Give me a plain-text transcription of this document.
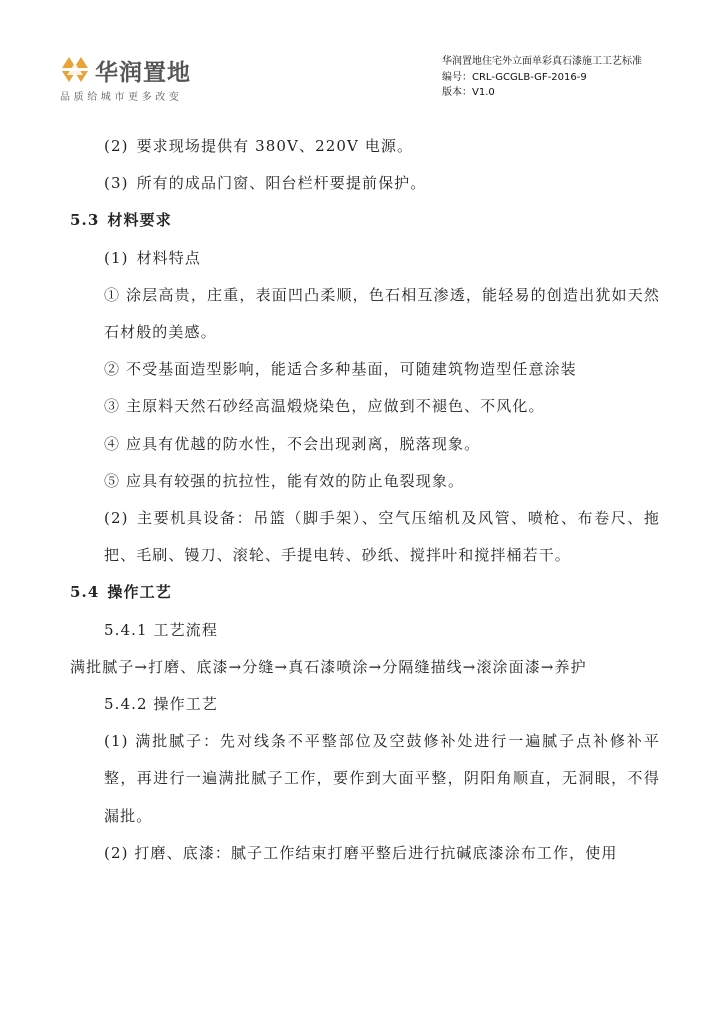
华润置地
品质给城市更多改变
华润置地住宅外立面单彩真石漆施工工艺标准
编号：CRL-GCGLB-GF-2016-9
版本：V1.0

(2) 要求现场提供有 380V、220V 电源。

(3) 所有的成品门窗、阳台栏杆要提前保护。

5.3 材料要求

(1) 材料特点

① 涂层高贵，庄重，表面凹凸柔顺，色石相互渗透，能轻易的创造出犹如天然石材般的美感。

② 不受基面造型影响，能适合多种基面，可随建筑物造型任意涂装

③ 主原料天然石砂经高温煅烧染色，应做到不褪色、不风化。

④ 应具有优越的防水性，不会出现剥离，脱落现象。

⑤ 应具有较强的抗拉性，能有效的防止龟裂现象。

(2) 主要机具设备：吊篮（脚手架）、空气压缩机及风管、喷枪、布卷尺、拖把、毛刷、镘刀、滚轮、手提电转、砂纸、搅拌叶和搅拌桶若干。

5.4 操作工艺

5.4.1 工艺流程

满批腻子→打磨、底漆→分缝→真石漆喷涂→分隔缝描线→滚涂面漆→养护

5.4.2 操作工艺

(1) 满批腻子：先对线条不平整部位及空鼓修补处进行一遍腻子点补修补平整，再进行一遍满批腻子工作，要作到大面平整，阴阳角顺直，无洞眼，不得漏批。

(2) 打磨、底漆：腻子工作结束打磨平整后进行抗碱底漆涂布工作，使用
